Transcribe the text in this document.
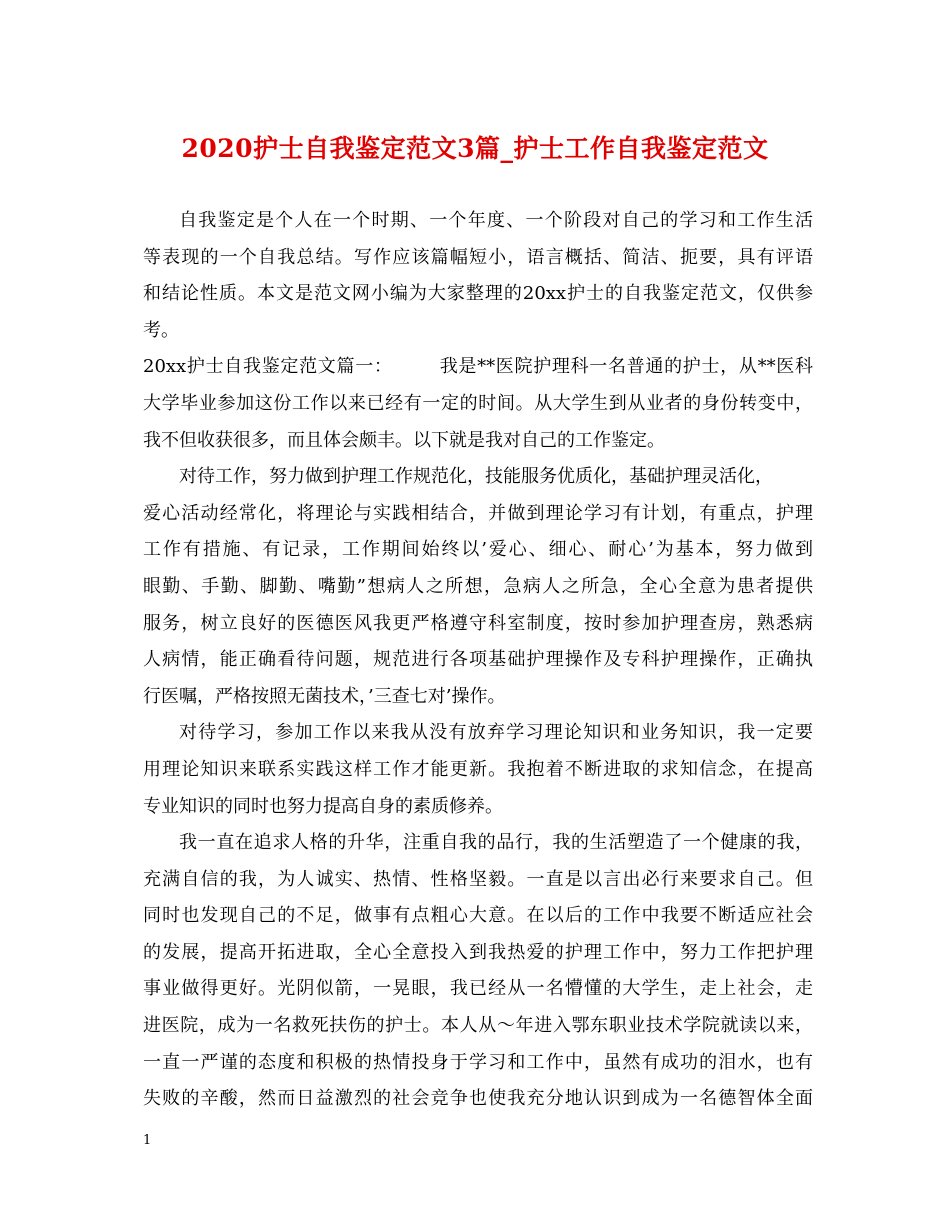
2020护士自我鉴定范文3篇_护士工作自我鉴定范文
自我鉴定是个人在一个时期、一个年度、一个阶段对自己的学习和工作生活
等表现的一个自我总结。写作应该篇幅短小，语言概括、简洁、扼要，具有评语
和结论性质。本文是范文网小编为大家整理的20xx护士的自我鉴定范文，仅供参
考。
20xx护士自我鉴定范文篇一：　　　我是**医院护理科一名普通的护士，从**医科
大学毕业参加这份工作以来已经有一定的时间。从大学生到从业者的身份转变中，
我不但收获很多，而且体会颇丰。以下就是我对自己的工作鉴定。
对待工作，努力做到护理工作规范化，技能服务优质化，基础护理灵活化，
爱心活动经常化，将理论与实践相结合，并做到理论学习有计划，有重点，护理
工作有措施、有记录，工作期间始终以’爱心、细心、耐心’为基本，努力做到
眼勤、手勤、脚勤、嘴勤”想病人之所想，急病人之所急，全心全意为患者提供
服务，树立良好的医德医风我更严格遵守科室制度，按时参加护理查房，熟悉病
人病情，能正确看待问题，规范进行各项基础护理操作及专科护理操作，正确执
行医嘱，严格按照无菌技术，’三查七对’操作。
对待学习，参加工作以来我从没有放弃学习理论知识和业务知识，我一定要
用理论知识来联系实践这样工作才能更新。我抱着不断进取的求知信念，在提高
专业知识的同时也努力提高自身的素质修养。
我一直在追求人格的升华，注重自我的品行，我的生活塑造了一个健康的我，
充满自信的我，为人诚实、热情、性格坚毅。一直是以言出必行来要求自己。但
同时也发现自己的不足，做事有点粗心大意。在以后的工作中我要不断适应社会
的发展，提高开拓进取，全心全意投入到我热爱的护理工作中，努力工作把护理
事业做得更好。光阴似箭，一晃眼，我已经从一名懵懂的大学生，走上社会，走
进医院，成为一名救死扶伤的护士。本人从～年进入鄂东职业技术学院就读以来，
一直一严谨的态度和积极的热情投身于学习和工作中，虽然有成功的泪水，也有
失败的辛酸，然而日益激烈的社会竞争也使我充分地认识到成为一名德智体全面
1
